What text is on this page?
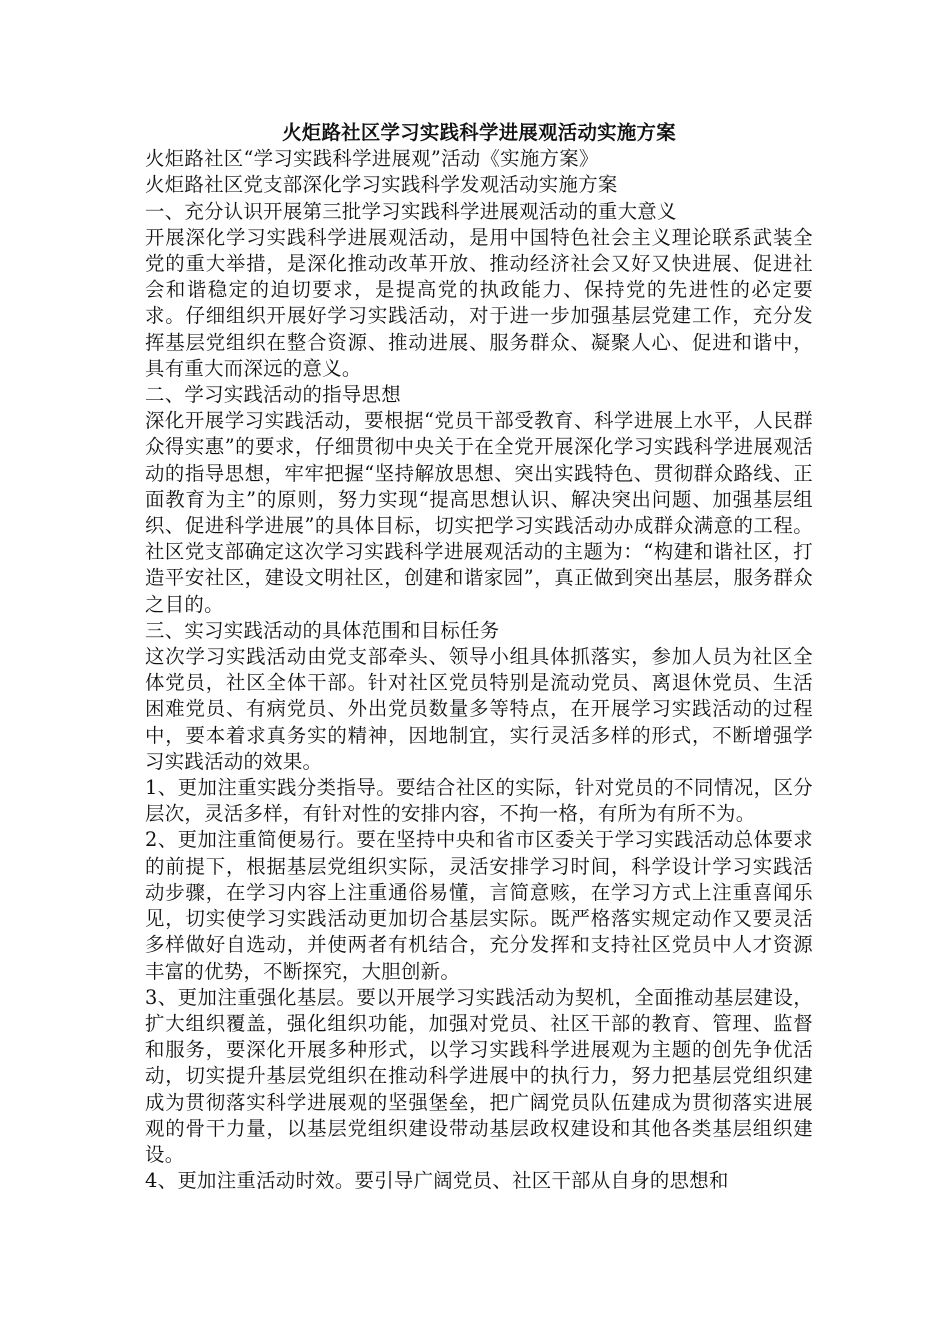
火炬路社区学习实践科学进展观活动实施方案

火炬路社区“学习实践科学进展观”活动《实施方案》

火炬路社区党支部深化学习实践科学发观活动实施方案

一、充分认识开展第三批学习实践科学进展观活动的重大意义

开展深化学习实践科学进展观活动，是用中国特色社会主义理论联系武装全党的重大举措，是深化推动改革开放、推动经济社会又好又快进展、促进社会和谐稳定的迫切要求，是提高党的执政能力、保持党的先进性的必定要求。仔细组织开展好学习实践活动，对于进一步加强基层党建工作，充分发挥基层党组织在整合资源、推动进展、服务群众、凝聚人心、促进和谐中，具有重大而深远的意义。

二、学习实践活动的指导思想

深化开展学习实践活动，要根据“党员干部受教育、科学进展上水平，人民群众得实惠”的要求，仔细贯彻中央关于在全党开展深化学习实践科学进展观活动的指导思想，牢牢把握“坚持解放思想、突出实践特色、贯彻群众路线、正面教育为主”的原则，努力实现“提高思想认识、解决突出问题、加强基层组织、促进科学进展”的具体目标，切实把学习实践活动办成群众满意的工程。社区党支部确定这次学习实践科学进展观活动的主题为：“构建和谐社区，打造平安社区，建设文明社区，创建和谐家园”，真正做到突出基层，服务群众之目的。

三、实习实践活动的具体范围和目标任务

这次学习实践活动由党支部牵头、领导小组具体抓落实，参加人员为社区全体党员，社区全体干部。针对社区党员特别是流动党员、离退休党员、生活困难党员、有病党员、外出党员数量多等特点，在开展学习实践活动的过程中，要本着求真务实的精神，因地制宜，实行灵活多样的形式，不断增强学习实践活动的效果。

1、更加注重实践分类指导。要结合社区的实际，针对党员的不同情况，区分层次，灵活多样，有针对性的安排内容，不拘一格，有所为有所不为。

2、更加注重简便易行。要在坚持中央和省市区委关于学习实践活动总体要求的前提下，根据基层党组织实际，灵活安排学习时间，科学设计学习实践活动步骤，在学习内容上注重通俗易懂，言简意赅，在学习方式上注重喜闻乐见，切实使学习实践活动更加切合基层实际。既严格落实规定动作又要灵活多样做好自选动，并使两者有机结合，充分发挥和支持社区党员中人才资源丰富的优势，不断探究，大胆创新。

3、更加注重强化基层。要以开展学习实践活动为契机，全面推动基层建设，扩大组织覆盖，强化组织功能，加强对党员、社区干部的教育、管理、监督和服务，要深化开展多种形式，以学习实践科学进展观为主题的创先争优活动，切实提升基层党组织在推动科学进展中的执行力，努力把基层党组织建成为贯彻落实科学进展观的坚强堡垒，把广阔党员队伍建成为贯彻落实进展观的骨干力量，以基层党组织建设带动基层政权建设和其他各类基层组织建设。

4、更加注重活动时效。要引导广阔党员、社区干部从自身的思想和
